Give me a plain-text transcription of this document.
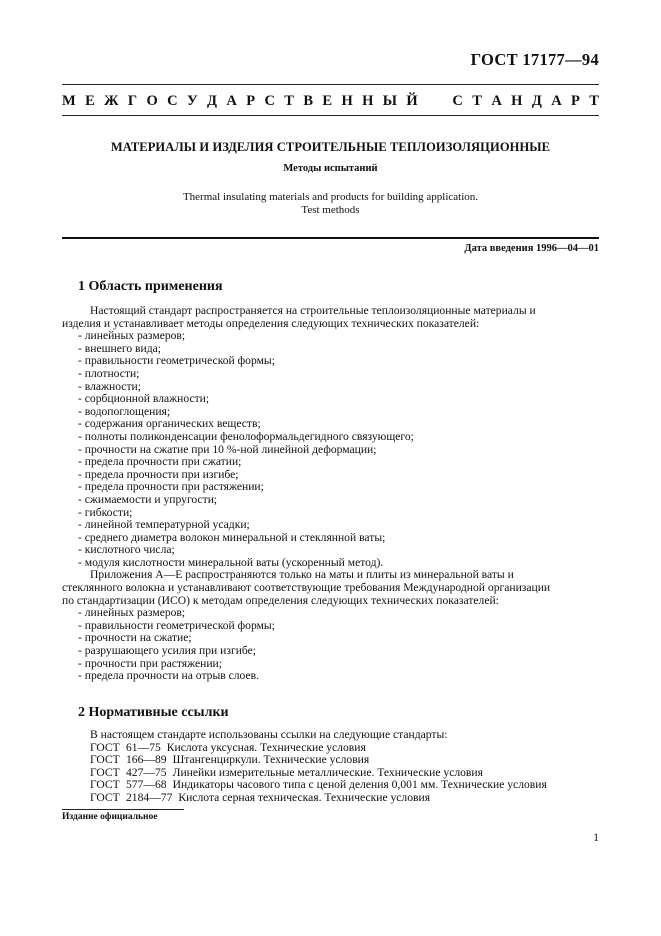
ГОСТ 17177—94
М Е Ж Г О С У Д А Р С Т В Е Н Н Ы Й С Т А Н Д А Р Т
МАТЕРИАЛЫ И ИЗДЕЛИЯ СТРОИТЕЛЬНЫЕ ТЕПЛОИЗОЛЯЦИОННЫЕ
Методы испытаний
Thermal insulating materials and products for building application.
Test methods
Дата введения 1996—04—01
1 Область применения

Настоящий стандарт распространяется на строительные теплоизоляционные материалы и
изделия и устанавливает методы определения следующих технических показателей:

- линейных размеров;
- внешнего вида;
- правильности геометрической формы;
- плотности;
- влажности;
- сорбционной влажности;
- водопоглощения;
- содержания органических веществ;
- полноты поликонденсации фенолоформальдегидного связующего;
- прочности на сжатие при 10 %-ной линейной деформации;
- предела прочности при сжатии;
- предела прочности при изгибе;
- предела прочности при растяжении;
- сжимаемости и упругости;
- гибкости;
- линейной температурной усадки;
- среднего диаметра волокон минеральной и стеклянной ваты;
- кислотного числа;
- модуля кислотности минеральной ваты (ускоренный метод).

Приложения А—Е распространяются только на маты и плиты из минеральной ваты и
стеклянного волокна и устанавливают соответствующие требования Международной организации
по стандартизации (ИСО) к методам определения следующих технических показателей:

- линейных размеров;
- правильности геометрической формы;
- прочности на сжатие;
- разрушающего усилия при изгибе;
- прочности при растяжении;
- предела прочности на отрыв слоев.
2 Нормативные ссылки
В настоящем стандарте использованы ссылки на следующие стандарты:
ГОСТ 61—75 Кислота уксусная. Технические условия
ГОСТ 166—89 Штангенциркули. Технические условия
ГОСТ 427—75 Линейки измерительные металлические. Технические условия
ГОСТ 577—68 Индикаторы часового типа с ценой деления 0,001 мм. Технические условия
ГОСТ 2184—77 Кислота серная техническая. Технические условия
Издание официальное
1
